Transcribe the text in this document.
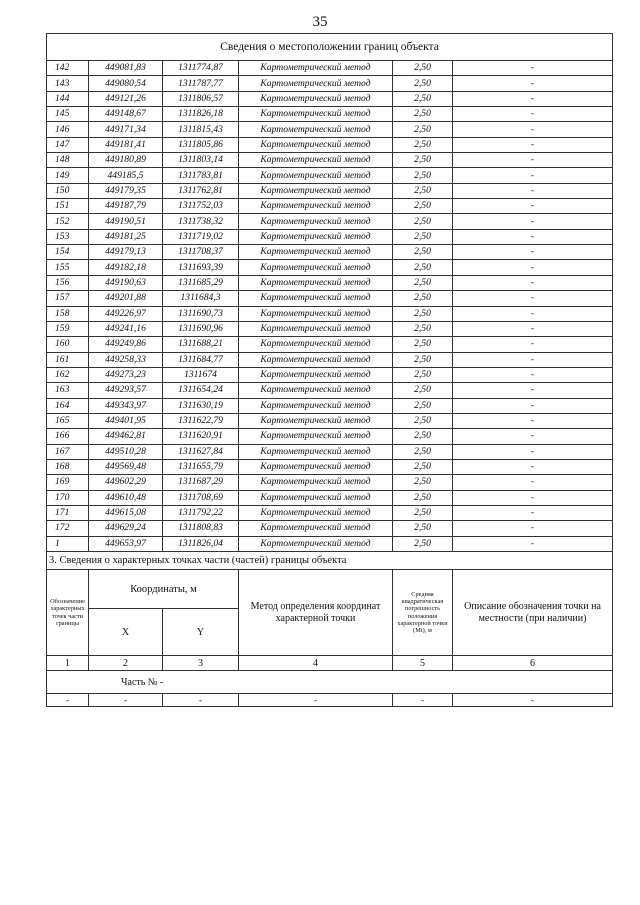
35
Сведения о местоположении границ объекта					
142	449081,83	1311774,87	Картометрический метод	2,50	-
143	449080,54	1311787,77	Картометрический метод	2,50	-
144	449121,26	1311806,57	Картометрический метод	2,50	-
145	449148,67	1311826,18	Картометрический метод	2,50	-
146	449171,34	1311815,43	Картометрический метод	2,50	-
147	449181,41	1311805,86	Картометрический метод	2,50	-
148	449180,89	1311803,14	Картометрический метод	2,50	-
149	449185,5	1311783,81	Картометрический метод	2,50	-
150	449179,35	1311762,81	Картометрический метод	2,50	-
151	449187,79	1311752,03	Картометрический метод	2,50	-
152	449190,51	1311738,32	Картометрический метод	2,50	-
153	449181,25	1311719,02	Картометрический метод	2,50	-
154	449179,13	1311708,37	Картометрический метод	2,50	-
155	449182,18	1311693,39	Картометрический метод	2,50	-
156	449190,63	1311685,29	Картометрический метод	2,50	-
157	449201,88	1311684,3	Картометрический метод	2,50	-
158	449226,97	1311690,73	Картометрический метод	2,50	-
159	449241,16	1311690,96	Картометрический метод	2,50	-
160	449249,86	1311688,21	Картометрический метод	2,50	-
161	449258,33	1311684,77	Картометрический метод	2,50	-
162	449273,23	1311674	Картометрический метод	2,50	-
163	449293,57	1311654,24	Картометрический метод	2,50	-
164	449343,97	1311630,19	Картометрический метод	2,50	-
165	449401,95	1311622,79	Картометрический метод	2,50	-
166	449462,81	1311620,91	Картометрический метод	2,50	-
167	449510,28	1311627,84	Картометрический метод	2,50	-
168	449569,48	1311655,79	Картометрический метод	2,50	-
169	449602,29	1311687,29	Картометрический метод	2,50	-
170	449610,48	1311708,69	Картометрический метод	2,50	-
171	449615,08	1311792,22	Картометрический метод	2,50	-
172	449629,24	1311808,83	Картометрический метод	2,50	-
1	449653,97	1311826,04	Картометрический метод	2,50	-
3. Сведения о характерных точках части (частей) границы объекта					
Обозначение характерных точек части границы	Координаты, м		Метод определения координат характерной точки	Средняя квадратическая погрешность положения характерной точки (Mt), м	Описание обозначения точки на местности (при наличии)
	X	Y			
1	2	3	4	5	6
Часть № -					
-	-	-	-	-	-
